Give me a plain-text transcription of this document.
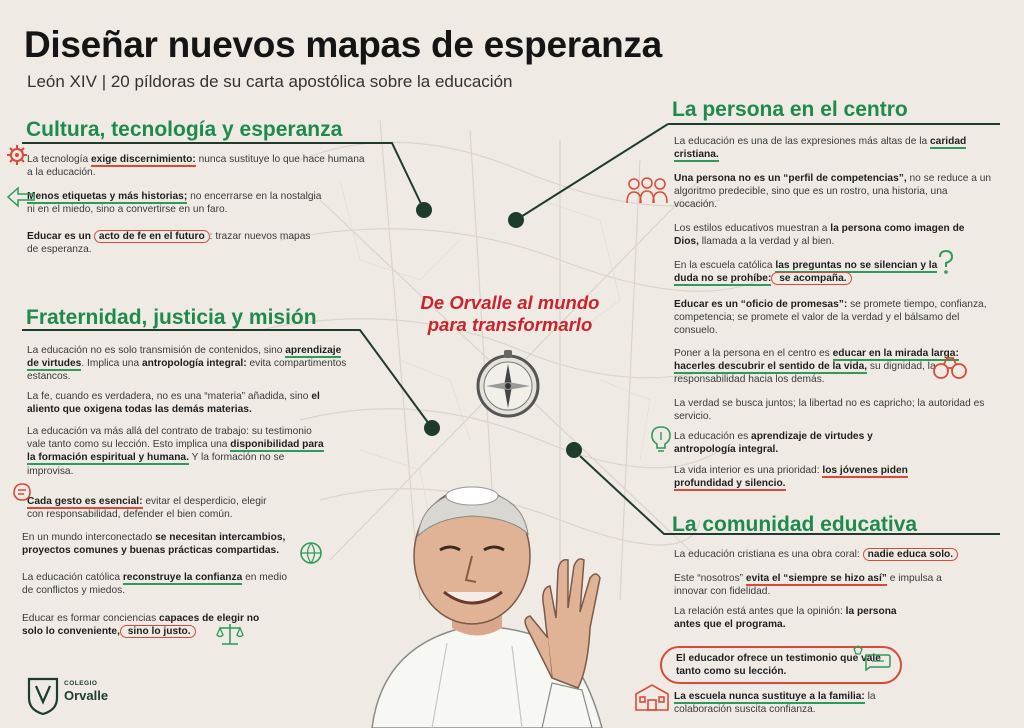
Diseñar nuevos mapas de esperanza
León XIV | 20 píldoras de su carta apostólica sobre la educación
Cultura, tecnología y esperanza
La tecnología exige discernimiento: nunca sustituye lo que hace humana a la educación.
Menos etiquetas y más historias; no encerrarse en la nostalgia ni en el miedo, sino a convertirse en un faro.
Educar es un acto de fe en el futuro : trazar nuevos mapas de esperanza.
Fraternidad, justicia y misión
La educación no es solo transmisión de contenidos, sino aprendizaje de virtudes. Implica una antropología integral: evita compartimentos estancos.
La fe, cuando es verdadera, no es una “materia” añadida, sino el aliento que oxigena todas las demás materias.
La educación va más allá del contrato de trabajo: su testimonio vale tanto como su lección. Esto implica una disponibilidad para la formación espiritual y humana. Y la formación no se improvisa.
Cada gesto es esencial: evitar el desperdicio, elegir con responsabilidad, defender el bien común.
En un mundo interconectado se necesitan intercambios, proyectos comunes y buenas prácticas compartidas.
La educación católica reconstruye la confianza en medio de conflictos y miedos.
Educar es formar conciencias capaces de elegir no solo lo conveniente, sino lo justo.
De Orvalle al mundo
para transformarlo
La persona en el centro
La educación es una de las expresiones más altas de la caridad cristiana.
Una persona no es un “perfil de competencias”, no se reduce a un algoritmo predecible, sino que es un rostro, una historia, una vocación.
Los estilos educativos muestran a la persona como imagen de Dios, llamada a la verdad y al bien.
En la escuela católica las preguntas no se silencian y la duda no se prohíbe: se acompaña.
Educar es un “oficio de promesas”: se promete tiempo, confianza, competencia; se promete el valor de la verdad y el bálsamo del consuelo.
Poner a la persona en el centro es educar en la mirada larga: hacerles descubrir el sentido de la vida, su dignidad, la responsabilidad hacia los demás.
La verdad se busca juntos; la libertad no es capricho; la autoridad es servicio.
La educación es aprendizaje de virtudes y antropología integral.
La vida interior es una prioridad: los jóvenes piden profundidad y silencio.
La comunidad educativa
La educación cristiana es una obra coral: nadie educa solo.
Este “nosotros” evita el “siempre se hizo así” e impulsa a innovar con fidelidad.
La relación está antes que la opinión: la persona antes que el programa.
El educador ofrece un testimonio que vale tanto como su lección.
La escuela nunca sustituye a la familia: la colaboración suscita confianza.
COLEGIO
Orvalle
